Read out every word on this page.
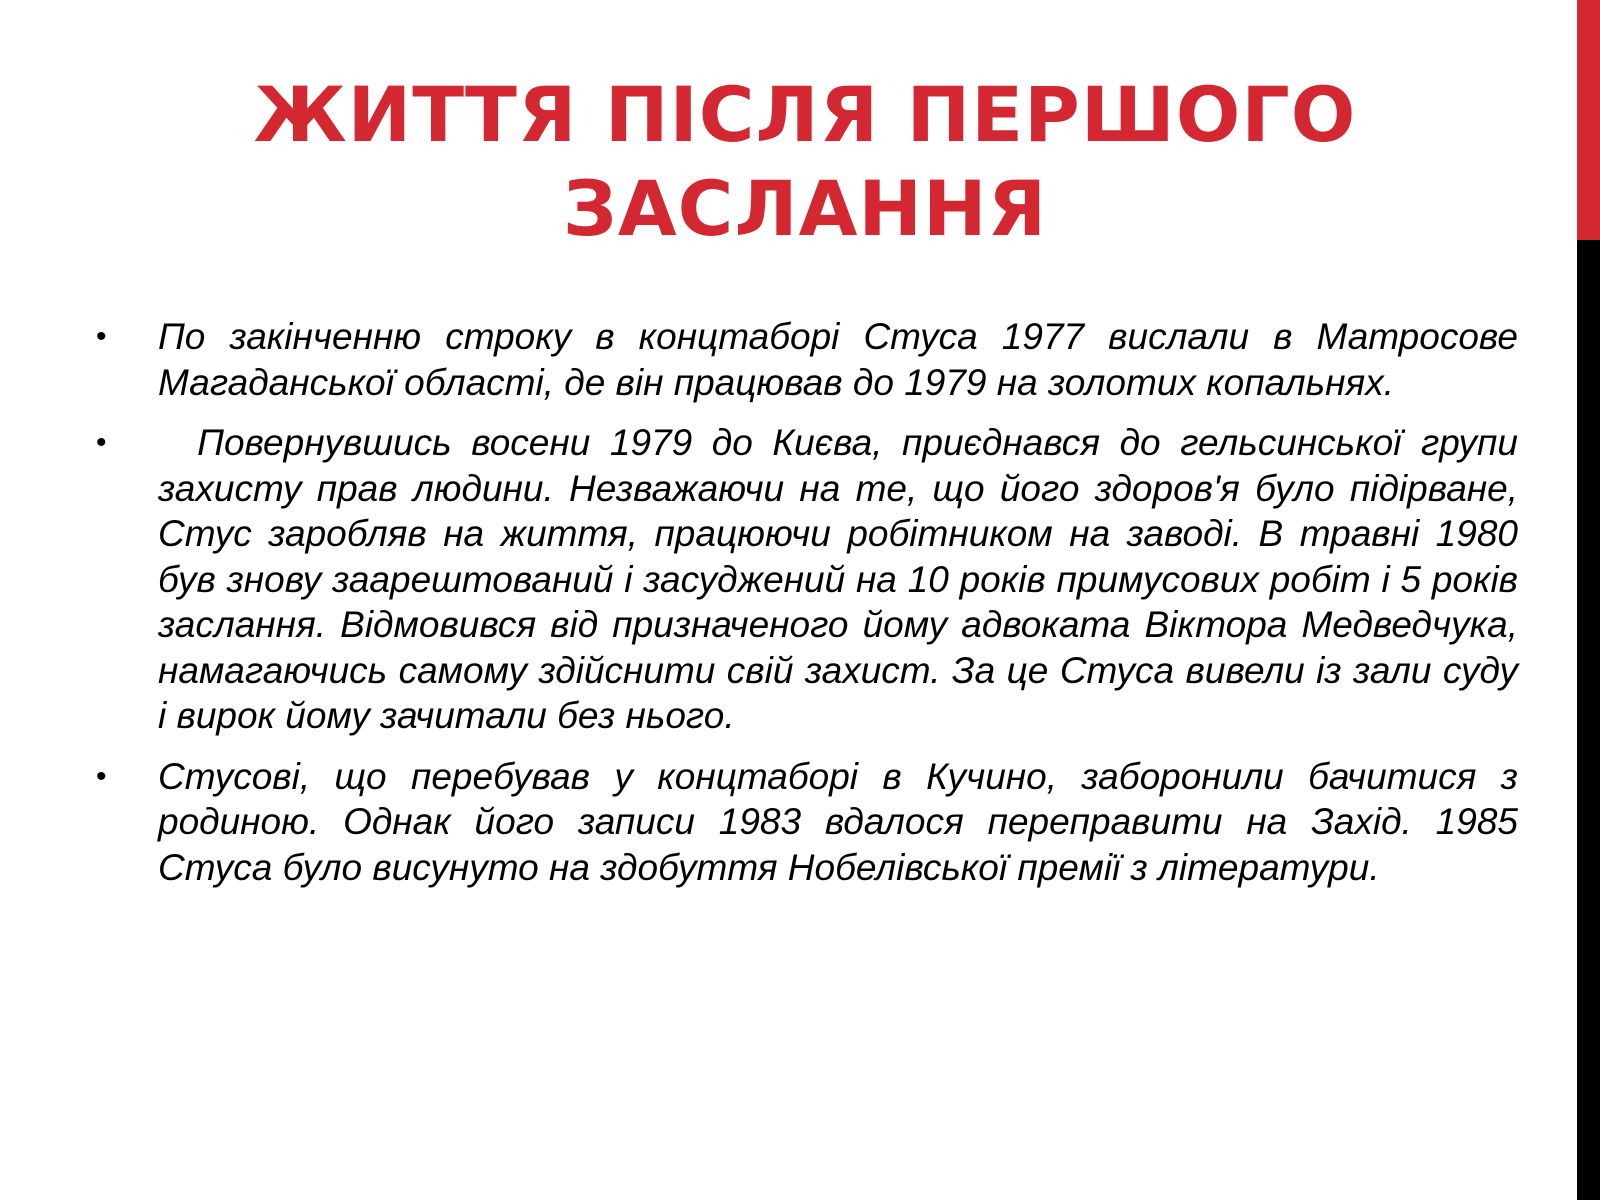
ЖИТТЯ ПІСЛЯ ПЕРШОГО ЗАСЛАННЯ
• По закінченню строку в концтаборі Стуса 1977 вислали в Матросове Магаданської області, де він працював до 1979 на золотих копальнях.
• Повернувшись восени 1979 до Києва, приєднався до гельсинської групи захисту прав людини. Незважаючи на те, що його здоров'я було підірване, Стус заробляв на життя, працюючи робітником на заводі. В травні 1980 був знову заарештований і засуджений на 10 років примусових робіт і 5 років заслання. Відмовився від призначеного йому адвоката Віктора Медведчука, намагаючись самому здійснити свій захист. За це Стуса вивели із зали суду і вирок йому зачитали без нього.
• Стусові, що перебував у концтаборі в Кучино, заборонили бачитися з родиною. Однак його записи 1983 вдалося переправити на Захід. 1985 Стуса було висунуто на здобуття Нобелівської премії з літератури.
